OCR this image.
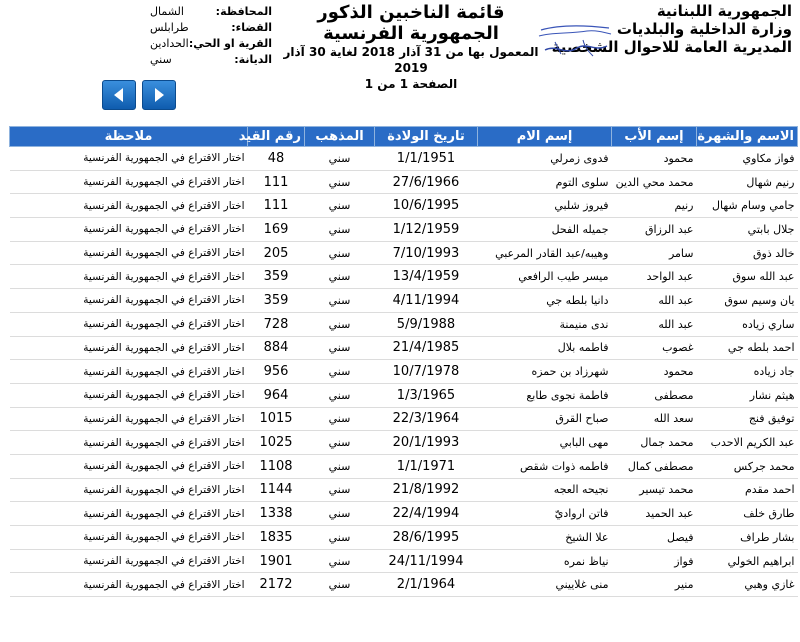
الجمهورية اللبنانية
وزارة الداخلية والبلديات
المديرية العامة للاحوال الشخصية
قائمة الناخبين الذكور
الجمهورية الفرنسية
المعمول بها من 31 آذار 2018 لغاية 30 آذار
2019
الصفحة 1 من 1
المحافظة:
الشمال
القضاء:
طرابلس
القرية او الحي:
الحدادين
الديانة:
سني
الاسم والشهرة	إسم الأب	إسم الام	تاريخ الولادة	المذهب	رقم القيد	ملاحظة
فواز مكاوي	محمود	فدوى زمرلي	1/1/1951	سني	48	اختار الاقتراع في الجمهورية الفرنسية
رنيم شهال	محمد محي الدين	سلوى التوم	27/6/1966	سني	111	اختار الاقتراع في الجمهورية الفرنسية
جامي وسام شهال	رنيم	فيروز شلبي	10/6/1995	سني	111	اختار الاقتراع في الجمهورية الفرنسية
جلال بابتي	عبد الرزاق	جميله الفحل	1/12/1959	سني	169	اختار الاقتراع في الجمهورية الفرنسية
خالد ذوق	سامر	وهيبه/عبد القادر المرعبي	7/10/1993	سني	205	اختار الاقتراع في الجمهورية الفرنسية
عبد الله سوق	عبد الواحد	ميسر طيب الرافعي	13/4/1959	سني	359	اختار الاقتراع في الجمهورية الفرنسية
يان وسيم سوق	عبد الله	دانيا بلطه جي	4/11/1994	سني	359	اختار الاقتراع في الجمهورية الفرنسية
ساري زياده	عبد الله	ندى منيمنة	5/9/1988	سني	728	اختار الاقتراع في الجمهورية الفرنسية
احمد بلطه جي	غصوب	فاطمه بلال	21/4/1985	سني	884	اختار الاقتراع في الجمهورية الفرنسية
جاد زياده	محمود	شهرزاد بن حمزه	10/7/1978	سني	956	اختار الاقتراع في الجمهورية الفرنسية
هيثم نشار	مصطفى	فاطمة نجوى طابع	1/3/1965	سني	964	اختار الاقتراع في الجمهورية الفرنسية
توفيق فنج	سعد الله	صباح القرق	22/3/1964	سني	1015	اختار الاقتراع في الجمهورية الفرنسية
عبد الكريم الاحدب	محمد جمال	مهى البابي	20/1/1993	سني	1025	اختار الاقتراع في الجمهورية الفرنسية
محمد جركس	مصطفى كمال	فاطمه ذوات شقص	1/1/1971	سني	1108	اختار الاقتراع في الجمهورية الفرنسية
احمد مقدم	محمد تيسير	نجيحه العجه	21/8/1992	سني	1144	اختار الاقتراع في الجمهورية الفرنسية
طارق خلف	عبد الحميد	فاتن ارواديّ	22/4/1994	سني	1338	اختار الاقتراع في الجمهورية الفرنسية
بشار طراف	فيصل	علا الشيخ	28/6/1995	سني	1835	اختار الاقتراع في الجمهورية الفرنسية
ابراهيم الخولي	فواز	نياظ نمره	24/11/1994	سني	1901	اختار الاقتراع في الجمهورية الفرنسية
غازي وهبي	منير	منى غلاييني	2/1/1964	سني	2172	اختار الاقتراع في الجمهورية الفرنسية
